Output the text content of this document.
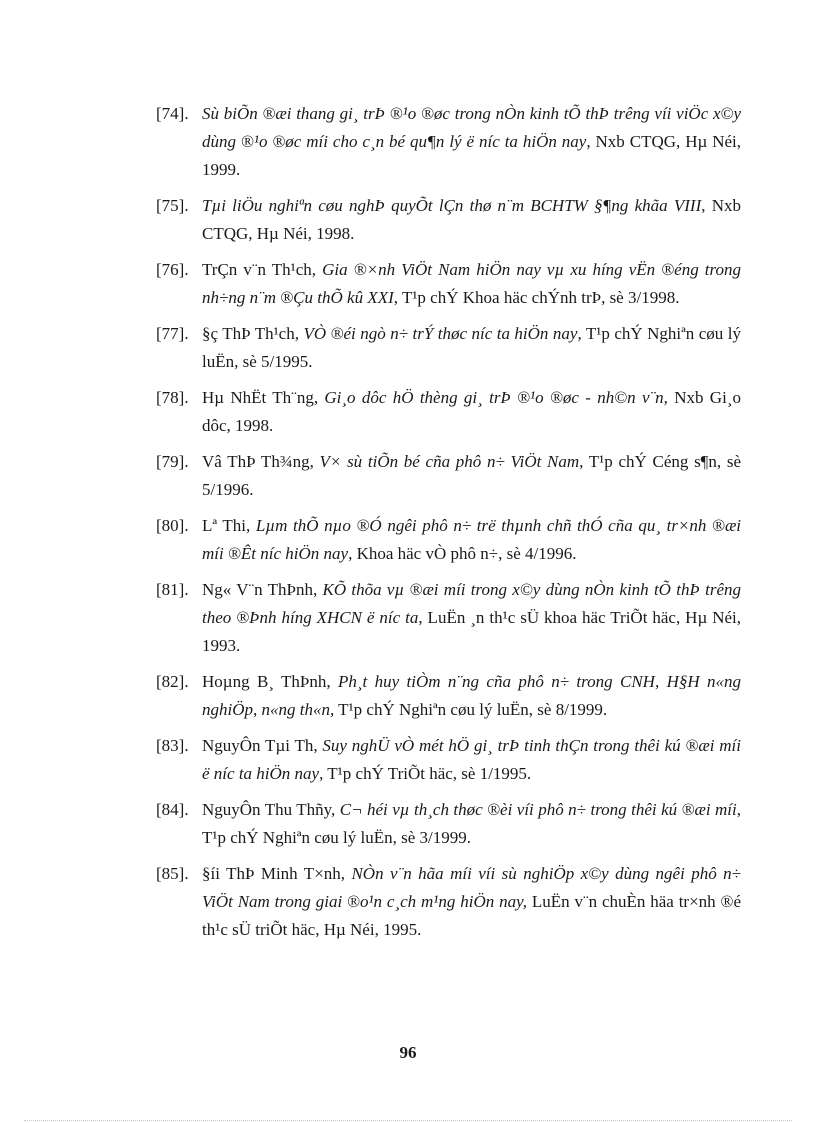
[74]. Sù biÕn ®æi thang gi¸ trÞ ®¹o ®øc trong nÒn kinh tÕ thÞ trêng víi viÖc x©y dùng ®¹o ®øc míi cho c¸n bé qu¶n lý ë níc ta hiÖn nay, Nxb CTQG, Hµ Néi, 1999.
[75]. Tµi liÖu nghiªn cøu nghÞ quyÕt lÇn thø n¨m BCHTW §¶ng khãa VIII, Nxb CTQG, Hµ Néi, 1998.
[76]. TrÇn v¨n Th¹ch, Gia ®×nh ViÖt Nam hiÖn nay vµ xu híng vËn ®éng trong nh÷ng n¨m ®Çu thÕ kû XXI, T¹p chÝ Khoa häc chÝnh trÞ, sè 3/1998.
[77]. §ç ThÞ Th¹ch, VÒ ®éi ngò n÷ trÝ thøc níc ta hiÖn nay, T¹p chÝ Nghiªn cøu lý luËn, sè 5/1995.
[78]. Hµ NhËt Th¨ng, Gi¸o dôc hÖ thèng gi¸ trÞ ®¹o ®øc - nh©n v¨n, Nxb Gi¸o dôc, 1998.
[79]. Vâ ThÞ Th¾ng, V× sù tiÕn bé cña phô n÷ ViÖt Nam, T¹p chÝ Céng s¶n, sè 5/1996.
[80]. Lª Thi, Lµm thÕ nµo ®Ó ngêi phô n÷ trë thµnh chñ thÓ cña qu¸ tr×nh ®æi míi ®Êt níc hiÖn nay, Khoa häc vÒ phô n÷, sè 4/1996.
[81]. Ng« V¨n ThÞnh, KÕ thõa vµ ®æi míi trong x©y dùng nÒn kinh tÕ thÞ trêng theo ®Þnh híng XHCN ë níc ta, LuËn ¸n th¹c sÜ khoa häc TriÕt häc, Hµ Néi, 1993.
[82]. Hoµng B¸ ThÞnh, Ph¸t huy tiÒm n¨ng cña phô n÷ trong CNH, H§H n«ng nghiÖp, n«ng th«n, T¹p chÝ Nghiªn cøu lý luËn, sè 8/1999.
[83]. NguyÔn Tµi Th, Suy nghÜ vÒ mét hÖ gi¸ trÞ tinh thÇn trong thêi kú ®æi míi ë níc ta hiÖn nay, T¹p chÝ TriÕt häc, sè 1/1995.
[84]. NguyÔn Thu Thñy, C¬ héi vµ th¸ch thøc ®èi víi phô n÷ trong thêi kú ®æi míi, T¹p chÝ Nghiªn cøu lý luËn, sè 3/1999.
[85]. §íi ThÞ Minh T×nh, NÒn v¨n hãa míi víi sù nghiÖp x©y dùng ngêi phô n÷ ViÖt Nam trong giai ®o¹n c¸ch m¹ng hiÖn nay, LuËn v¨n chuÈn häa tr×nh ®é th¹c sÜ triÕt häc, Hµ Néi, 1995.
96
